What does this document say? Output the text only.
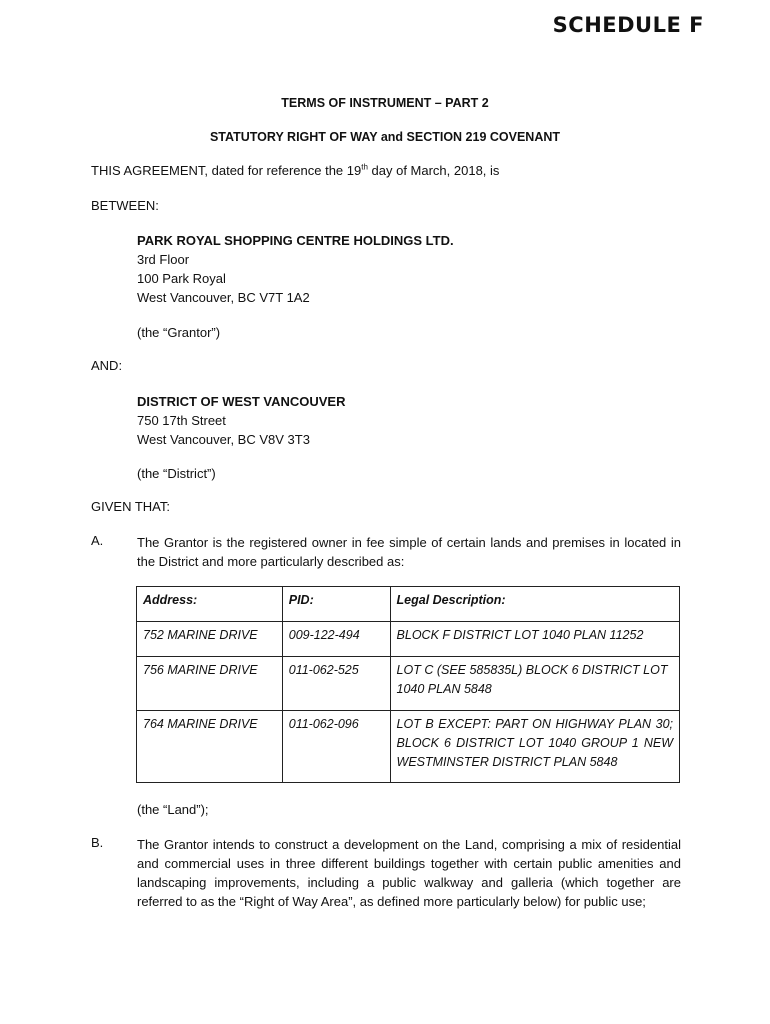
SCHEDULE F
TERMS OF INSTRUMENT – PART 2
STATUTORY RIGHT OF WAY and SECTION 219 COVENANT
THIS AGREEMENT, dated for reference the 19th day of March, 2018, is
BETWEEN:
PARK ROYAL SHOPPING CENTRE HOLDINGS LTD.
3rd Floor
100 Park Royal
West Vancouver, BC V7T 1A2
(the “Grantor”)
AND:
DISTRICT OF WEST VANCOUVER
750 17th Street
West Vancouver, BC V8V 3T3
(the “District”)
GIVEN THAT:
A.	The Grantor is the registered owner in fee simple of certain lands and premises in located in the District and more particularly described as:
Address:	PID:	Legal Description:
752 MARINE DRIVE	009-122-494	BLOCK F DISTRICT LOT 1040 PLAN 11252
756 MARINE DRIVE	011-062-525	LOT C (SEE 585835L) BLOCK 6 DISTRICT LOT 1040 PLAN 5848
764 MARINE DRIVE	011-062-096	LOT B EXCEPT: PART ON HIGHWAY PLAN 30; BLOCK 6 DISTRICT LOT 1040 GROUP 1 NEW WESTMINSTER DISTRICT PLAN 5848
(the “Land”);
B.	The Grantor intends to construct a development on the Land, comprising a mix of residential and commercial uses in three different buildings together with certain public amenities and landscaping improvements, including a public walkway and galleria (which together are referred to as the “Right of Way Area”, as defined more particularly below) for public use;
